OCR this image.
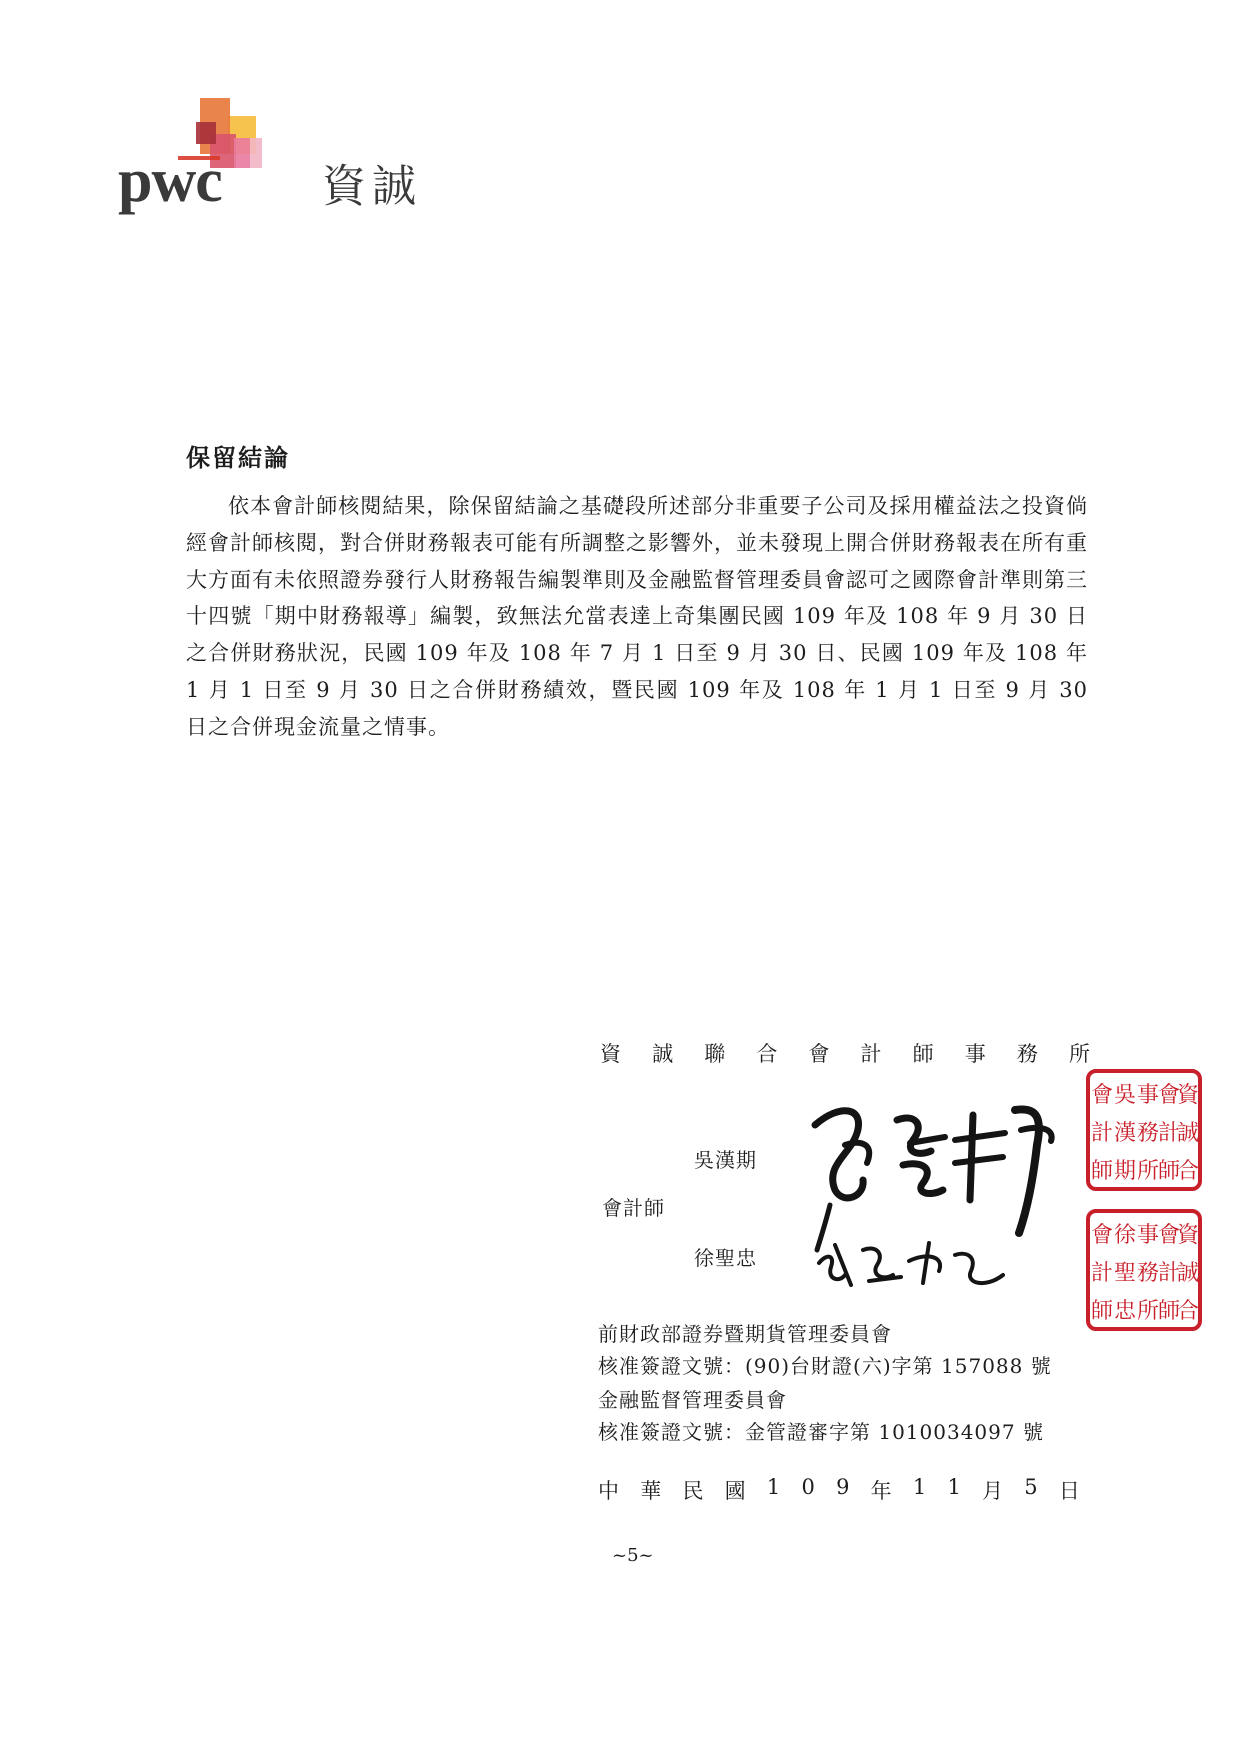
pwc 資誠
保留結論
依本會計師核閱結果，除保留結論之基礎段所述部分非重要子公司及採用權益法之投資倘經會計師核閱，對合併財務報表可能有所調整之影響外，並未發現上開合併財務報表在所有重大方面有未依照證券發行人財務報告編製準則及金融監督管理委員會認可之國際會計準則第三十四號「期中財務報導」編製，致無法允當表達上奇集團民國 109 年及 108 年 9 月 30 日之合併財務狀況，民國 109 年及 108 年 7 月 1 日至 9 月 30 日、民國 109 年及 108 年 1 月 1 日至 9 月 30 日之合併財務績效，暨民國 109 年及 108 年 1 月 1 日至 9 月 30 日之合併現金流量之情事。
資 誠 聯 合 會 計 師 事 務 所
吳漢期
會計師
徐聖忠
會 吳 事
會
資
計 漢 務
計
誠
師 期 所
師
合
會 徐 事
會
資
計 聖 務
計
誠
師 忠 所
師
合
前財政部證券暨期貨管理委員會
核准簽證文號：(90)台財證(六)字第 157088 號
金融監督管理委員會
核准簽證文號：金管證審字第 1010034097 號
中 華 民 國 1 0 9 年 1 1 月 5 日
~5~
